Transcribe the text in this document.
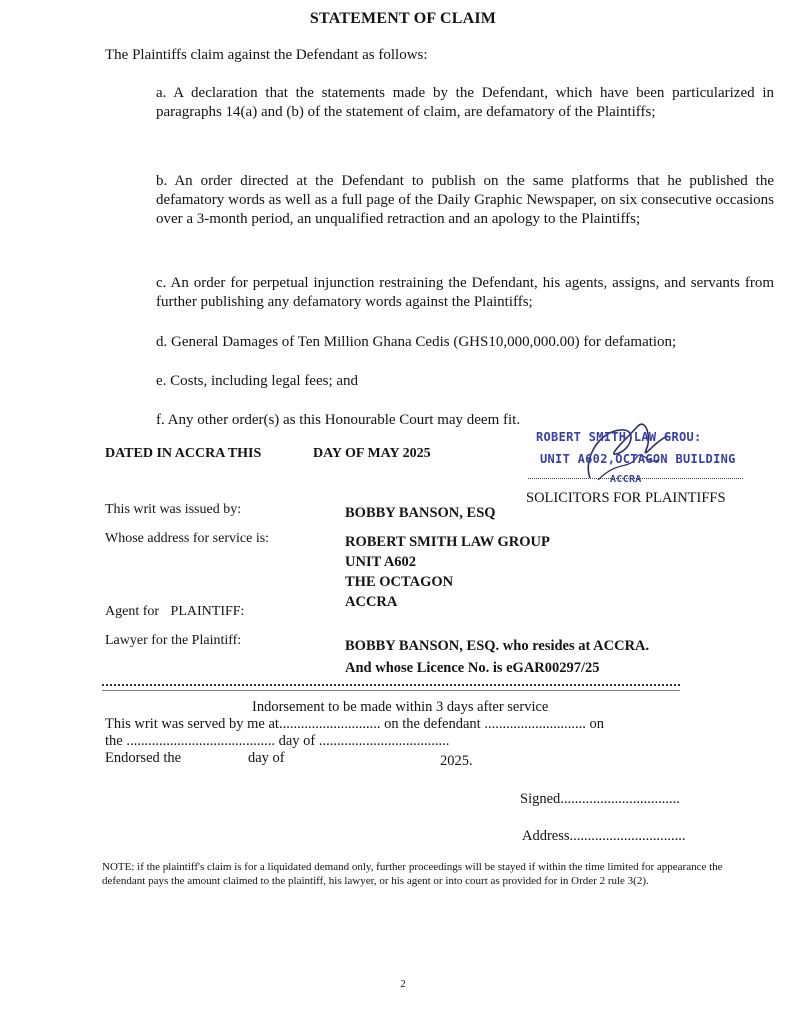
STATEMENT OF CLAIM
The Plaintiffs claim against the Defendant as follows:
a. A declaration that the statements made by the Defendant, which have been particularized in paragraphs 14(a) and (b) of the statement of claim, are defamatory of the Plaintiffs;
b. An order directed at the Defendant to publish on the same platforms that he published the defamatory words as well as a full page of the Daily Graphic Newspaper, on six consecutive occasions over a 3-month period, an unqualified retraction and an apology to the Plaintiffs;
c. An order for perpetual injunction restraining the Defendant, his agents, assigns, and servants from further publishing any defamatory words against the Plaintiffs;
d. General Damages of Ten Million Ghana Cedis (GHS10,000,000.00) for defamation;
e. Costs, including legal fees; and
f. Any other order(s) as this Honourable Court may deem fit.
DATED IN ACCRA THIS	DAY OF MAY 2025
ROBERT SMITH LAW GROU:
UNIT A602,OCTAGON BUILDING
ACCRA
SOLICITORS FOR PLAINTIFFS
This writ was issued by:	BOBBY BANSON, ESQ
Whose address for service is:	ROBERT SMITH LAW GROUP
UNIT A602
THE OCTAGON
ACCRA
Agent for PLAINTIFF:
Lawyer for the Plaintiff:	BOBBY BANSON, ESQ. who resides at ACCRA.
And whose Licence No. is eGAR00297/25
Indorsement to be made within 3 days after service
This writ was served by me at............................ on the defendant ............................ on
the ......................................... day of ....................................
Endorsed the	day of	2025.
Signed.................................
Address................................
NOTE: if the plaintiff's claim is for a liquidated demand only, further proceedings will be stayed if within the time limited for appearance the defendant pays the amount claimed to the plaintiff, his lawyer, or his agent or into court as provided for in Order 2 rule 3(2).
2
